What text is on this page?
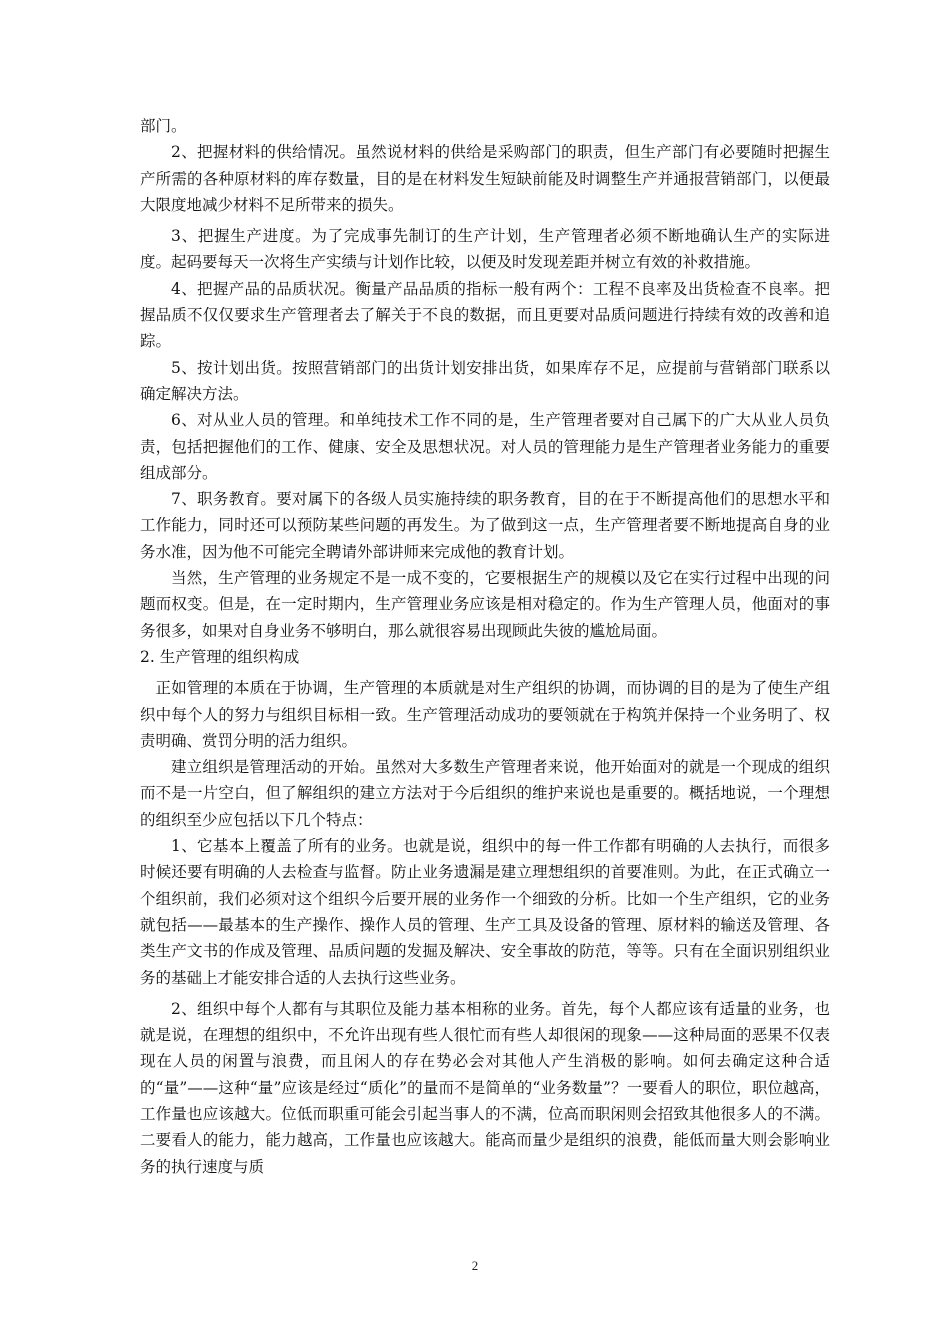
部门。

2、把握材料的供给情况。虽然说材料的供给是采购部门的职责，但生产部门有必要随时把握生产所需的各种原材料的库存数量，目的是在材料发生短缺前能及时调整生产并通报营销部门，以便最大限度地减少材料不足所带来的损失。

3、把握生产进度。为了完成事先制订的生产计划，生产管理者必须不断地确认生产的实际进度。起码要每天一次将生产实绩与计划作比较，以便及时发现差距并树立有效的补救措施。

4、把握产品的品质状况。衡量产品品质的指标一般有两个：工程不良率及出货检查不良率。把握品质不仅仅要求生产管理者去了解关于不良的数据，而且更要对品质问题进行持续有效的改善和追踪。

5、按计划出货。按照营销部门的出货计划安排出货，如果库存不足，应提前与营销部门联系以确定解决方法。

6、对从业人员的管理。和单纯技术工作不同的是，生产管理者要对自己属下的广大从业人员负责，包括把握他们的工作、健康、安全及思想状况。对人员的管理能力是生产管理者业务能力的重要组成部分。

7、职务教育。要对属下的各级人员实施持续的职务教育，目的在于不断提高他们的思想水平和工作能力，同时还可以预防某些问题的再发生。为了做到这一点，生产管理者要不断地提高自身的业务水准，因为他不可能完全聘请外部讲师来完成他的教育计划。

当然，生产管理的业务规定不是一成不变的，它要根据生产的规模以及它在实行过程中出现的问题而权变。但是，在一定时期内，生产管理业务应该是相对稳定的。作为生产管理人员，他面对的事务很多，如果对自身业务不够明白，那么就很容易出现顾此失彼的尴尬局面。

2. 生产管理的组织构成

正如管理的本质在于协调，生产管理的本质就是对生产组织的协调，而协调的目的是为了使生产组织中每个人的努力与组织目标相一致。生产管理活动成功的要领就在于构筑并保持一个业务明了、权责明确、赏罚分明的活力组织。

建立组织是管理活动的开始。虽然对大多数生产管理者来说，他开始面对的就是一个现成的组织而不是一片空白，但了解组织的建立方法对于今后组织的维护来说也是重要的。概括地说，一个理想的组织至少应包括以下几个特点：

1、它基本上覆盖了所有的业务。也就是说，组织中的每一件工作都有明确的人去执行，而很多时候还要有明确的人去检查与监督。防止业务遗漏是建立理想组织的首要准则。为此，在正式确立一个组织前，我们必须对这个组织今后要开展的业务作一个细致的分析。比如一个生产组织，它的业务就包括——最基本的生产操作、操作人员的管理、生产工具及设备的管理、原材料的输送及管理、各类生产文书的作成及管理、品质问题的发掘及解决、安全事故的防范，等等。只有在全面识别组织业务的基础上才能安排合适的人去执行这些业务。

2、组织中每个人都有与其职位及能力基本相称的业务。首先，每个人都应该有适量的业务，也就是说，在理想的组织中，不允许出现有些人很忙而有些人却很闲的现象——这种局面的恶果不仅表现在人员的闲置与浪费，而且闲人的存在势必会对其他人产生消极的影响。如何去确定这种合适的“量”——这种“量”应该是经过“质化”的量而不是简单的“业务数量”？一要看人的职位，职位越高，工作量也应该越大。位低而职重可能会引起当事人的不满，位高而职闲则会招致其他很多人的不满。二要看人的能力，能力越高，工作量也应该越大。能高而量少是组织的浪费，能低而量大则会影响业务的执行速度与质

2
